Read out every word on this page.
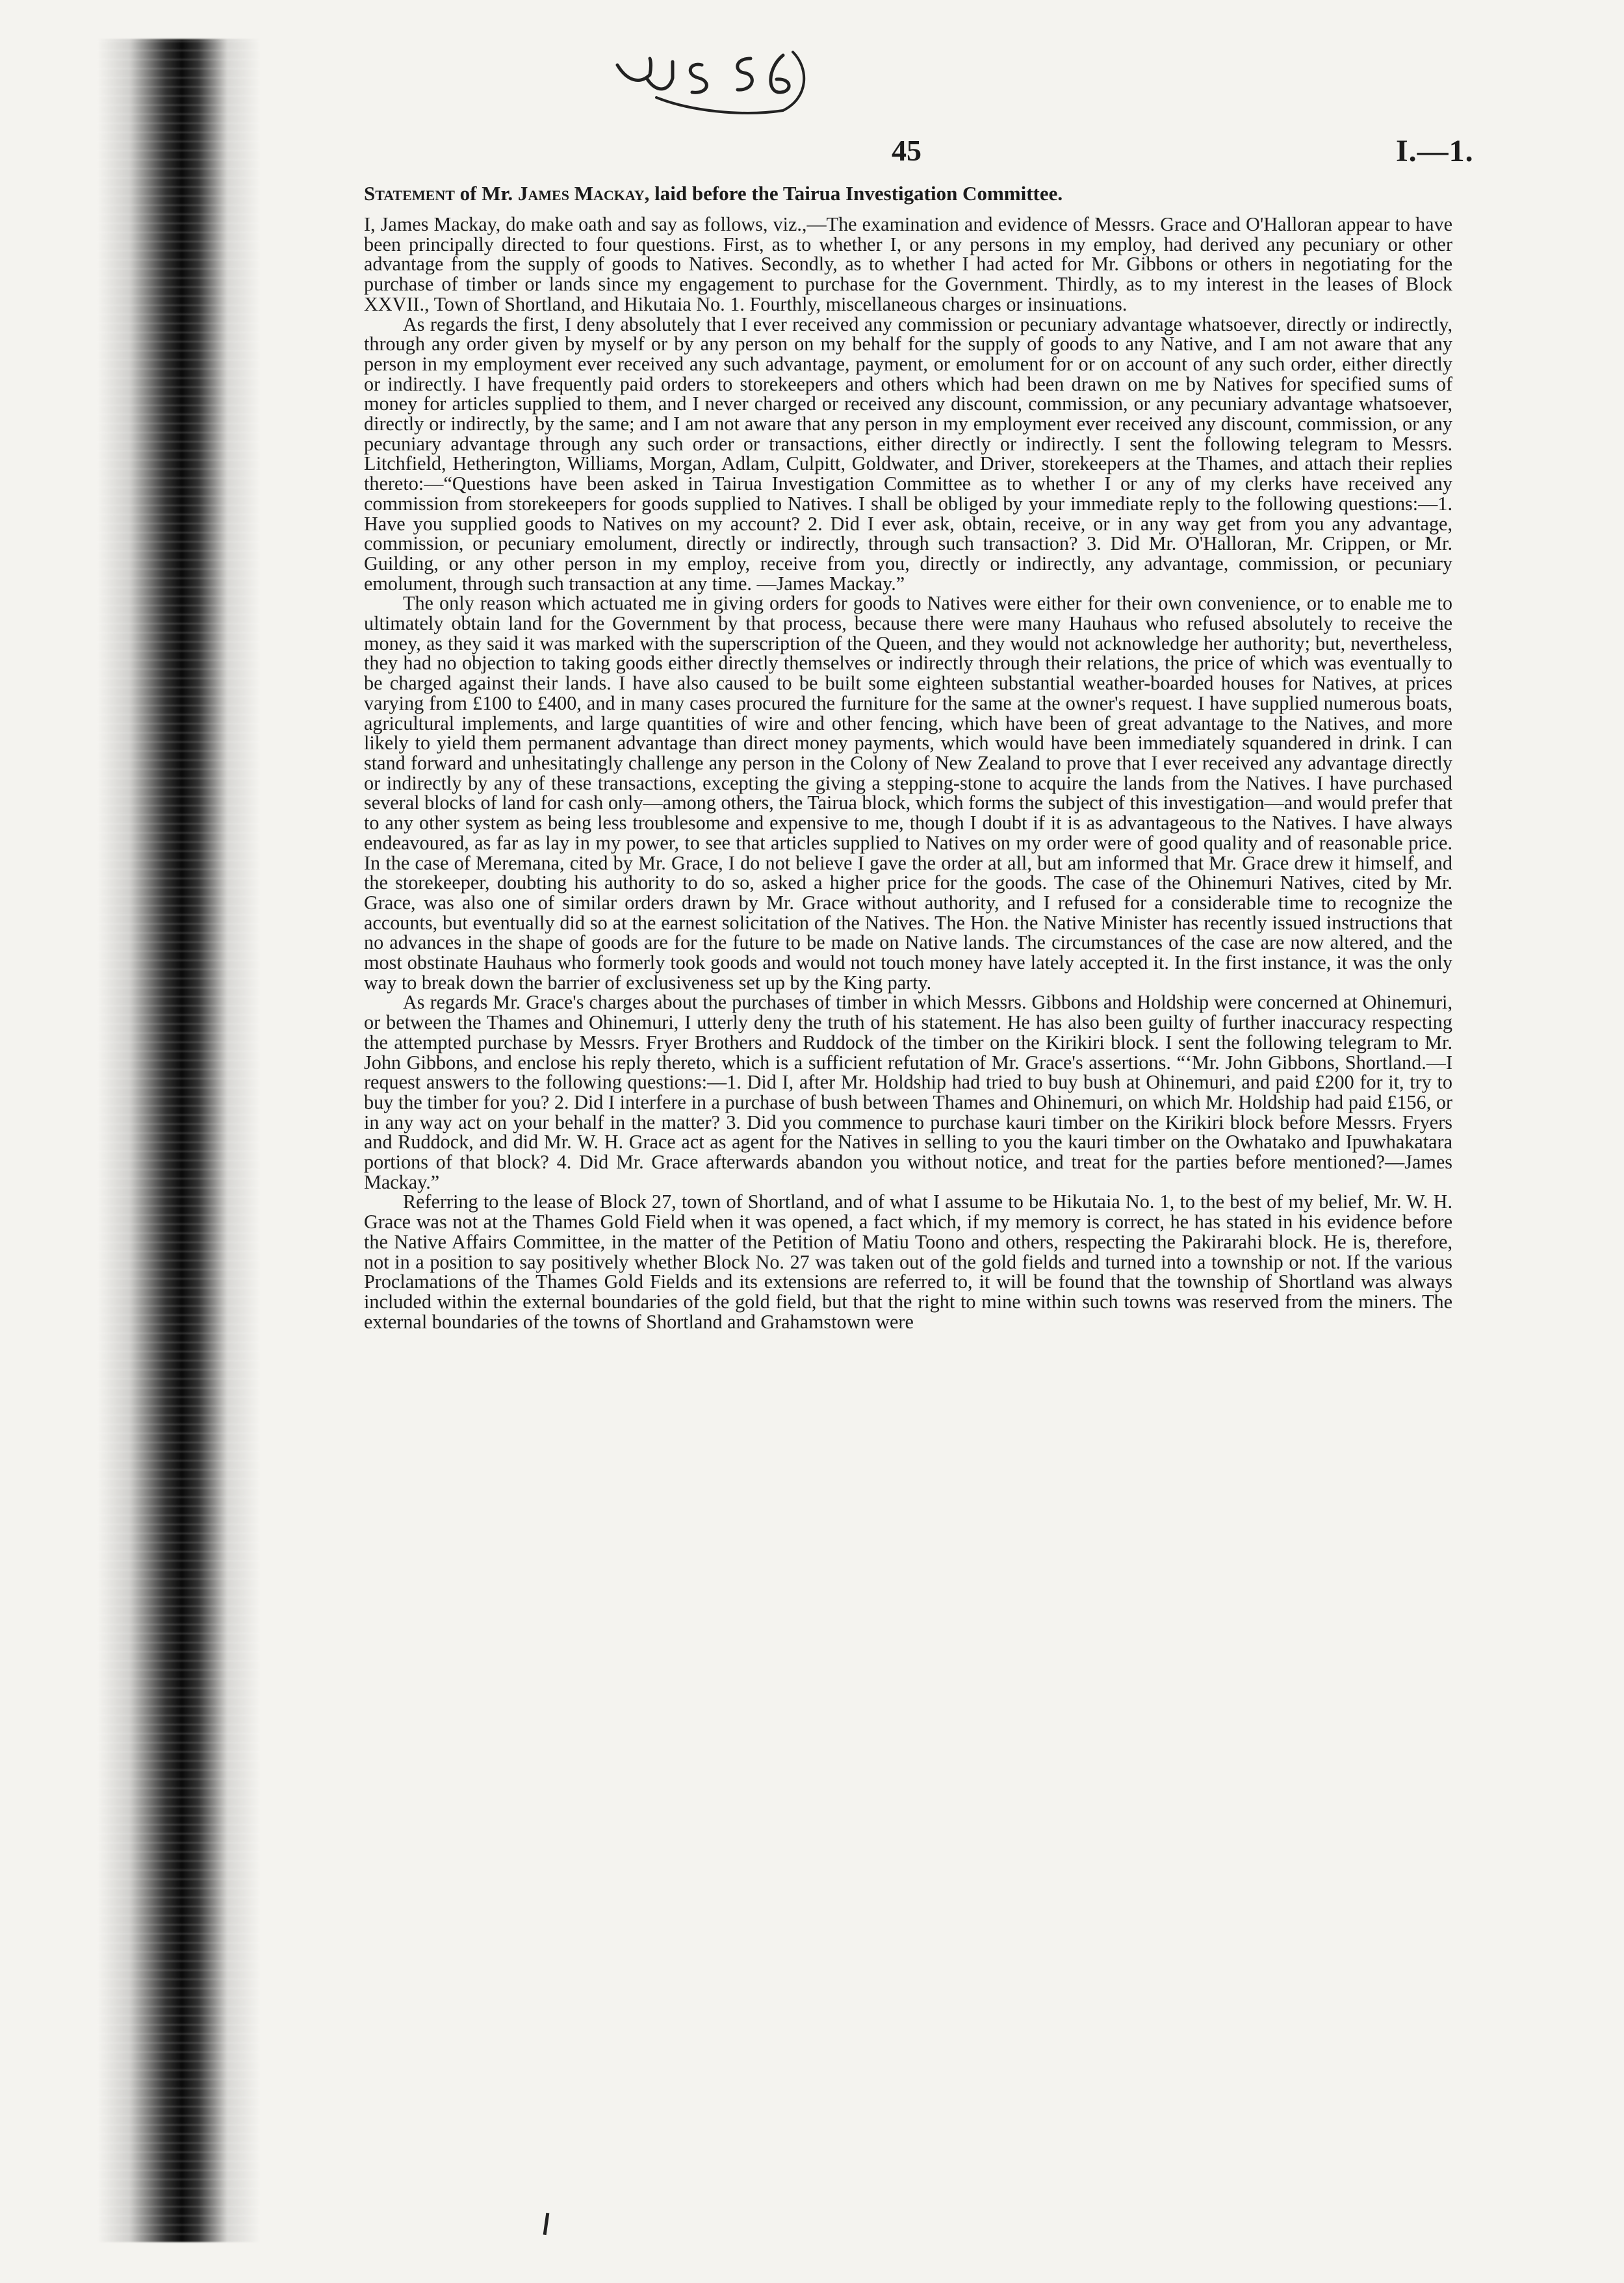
45	I.—1.
Statement of Mr. James Mackay, laid before the Tairua Investigation Committee.

I, James Mackay, do make oath and say as follows, viz.,—The examination and evidence of Messrs. Grace and O'Halloran appear to have been principally directed to four questions. First, as to whether I, or any persons in my employ, had derived any pecuniary or other advantage from the supply of goods to Natives. Secondly, as to whether I had acted for Mr. Gibbons or others in negotiating for the purchase of timber or lands since my engagement to purchase for the Government. Thirdly, as to my interest in the leases of Block XXVII., Town of Shortland, and Hikutaia No. 1. Fourthly, miscellaneous charges or insinuations.

As regards the first, I deny absolutely that I ever received any commission or pecuniary advantage whatsoever, directly or indirectly, through any order given by myself or by any person on my behalf for the supply of goods to any Native, and I am not aware that any person in my employment ever received any such advantage, payment, or emolument for or on account of any such order, either directly or indirectly. I have frequently paid orders to storekeepers and others which had been drawn on me by Natives for specified sums of money for articles supplied to them, and I never charged or received any discount, commission, or any pecuniary advantage whatsoever, directly or indirectly, by the same; and I am not aware that any person in my employment ever received any discount, commission, or any pecuniary advantage through any such order or transactions, either directly or indirectly. I sent the following telegram to Messrs. Litchfield, Hetherington, Williams, Morgan, Adlam, Culpitt, Goldwater, and Driver, storekeepers at the Thames, and attach their replies thereto:—“Questions have been asked in Tairua Investigation Committee as to whether I or any of my clerks have received any commission from storekeepers for goods supplied to Natives. I shall be obliged by your immediate reply to the following questions:—1. Have you supplied goods to Natives on my account? 2. Did I ever ask, obtain, receive, or in any way get from you any advantage, commission, or pecuniary emolument, directly or indirectly, through such transaction? 3. Did Mr. O'Halloran, Mr. Crippen, or Mr. Guilding, or any other person in my employ, receive from you, directly or indirectly, any advantage, commission, or pecuniary emolument, through such transaction at any time. —James Mackay.”

The only reason which actuated me in giving orders for goods to Natives were either for their own convenience, or to enable me to ultimately obtain land for the Government by that process, because there were many Hauhaus who refused absolutely to receive the money, as they said it was marked with the superscription of the Queen, and they would not acknowledge her authority; but, nevertheless, they had no objection to taking goods either directly themselves or indirectly through their relations, the price of which was eventually to be charged against their lands. I have also caused to be built some eighteen substantial weather-boarded houses for Natives, at prices varying from £100 to £400, and in many cases procured the furniture for the same at the owner's request. I have supplied numerous boats, agricultural implements, and large quantities of wire and other fencing, which have been of great advantage to the Natives, and more likely to yield them permanent advantage than direct money payments, which would have been immediately squandered in drink. I can stand forward and unhesitatingly challenge any person in the Colony of New Zealand to prove that I ever received any advantage directly or indirectly by any of these transactions, excepting the giving a stepping-stone to acquire the lands from the Natives. I have purchased several blocks of land for cash only—among others, the Tairua block, which forms the subject of this investigation—and would prefer that to any other system as being less troublesome and expensive to me, though I doubt if it is as advantageous to the Natives. I have always endeavoured, as far as lay in my power, to see that articles supplied to Natives on my order were of good quality and of reasonable price. In the case of Meremana, cited by Mr. Grace, I do not believe I gave the order at all, but am informed that Mr. Grace drew it himself, and the storekeeper, doubting his authority to do so, asked a higher price for the goods. The case of the Ohinemuri Natives, cited by Mr. Grace, was also one of similar orders drawn by Mr. Grace without authority, and I refused for a considerable time to recognize the accounts, but eventually did so at the earnest solicitation of the Natives. The Hon. the Native Minister has recently issued instructions that no advances in the shape of goods are for the future to be made on Native lands. The circumstances of the case are now altered, and the most obstinate Hauhaus who formerly took goods and would not touch money have lately accepted it. In the first instance, it was the only way to break down the barrier of exclusiveness set up by the King party.

As regards Mr. Grace's charges about the purchases of timber in which Messrs. Gibbons and Holdship were concerned at Ohinemuri, or between the Thames and Ohinemuri, I utterly deny the truth of his statement. He has also been guilty of further inaccuracy respecting the attempted purchase by Messrs. Fryer Brothers and Ruddock of the timber on the Kirikiri block. I sent the following telegram to Mr. John Gibbons, and enclose his reply thereto, which is a sufficient refutation of Mr. Grace's assertions. “‘Mr. John Gibbons, Shortland.—I request answers to the following questions:—1. Did I, after Mr. Holdship had tried to buy bush at Ohinemuri, and paid £200 for it, try to buy the timber for you? 2. Did I interfere in a purchase of bush between Thames and Ohinemuri, on which Mr. Holdship had paid £156, or in any way act on your behalf in the matter? 3. Did you commence to purchase kauri timber on the Kirikiri block before Messrs. Fryers and Ruddock, and did Mr. W. H. Grace act as agent for the Natives in selling to you the kauri timber on the Owhatako and Ipuwhakatara portions of that block? 4. Did Mr. Grace afterwards abandon you without notice, and treat for the parties before mentioned?—James Mackay.”

Referring to the lease of Block 27, town of Shortland, and of what I assume to be Hikutaia No. 1, to the best of my belief, Mr. W. H. Grace was not at the Thames Gold Field when it was opened, a fact which, if my memory is correct, he has stated in his evidence before the Native Affairs Committee, in the matter of the Petition of Matiu Toono and others, respecting the Pakirarahi block. He is, therefore, not in a position to say positively whether Block No. 27 was taken out of the gold fields and turned into a township or not. If the various Proclamations of the Thames Gold Fields and its extensions are referred to, it will be found that the township of Shortland was always included within the external boundaries of the gold field, but that the right to mine within such towns was reserved from the miners. The external boundaries of the towns of Shortland and Grahamstown were
